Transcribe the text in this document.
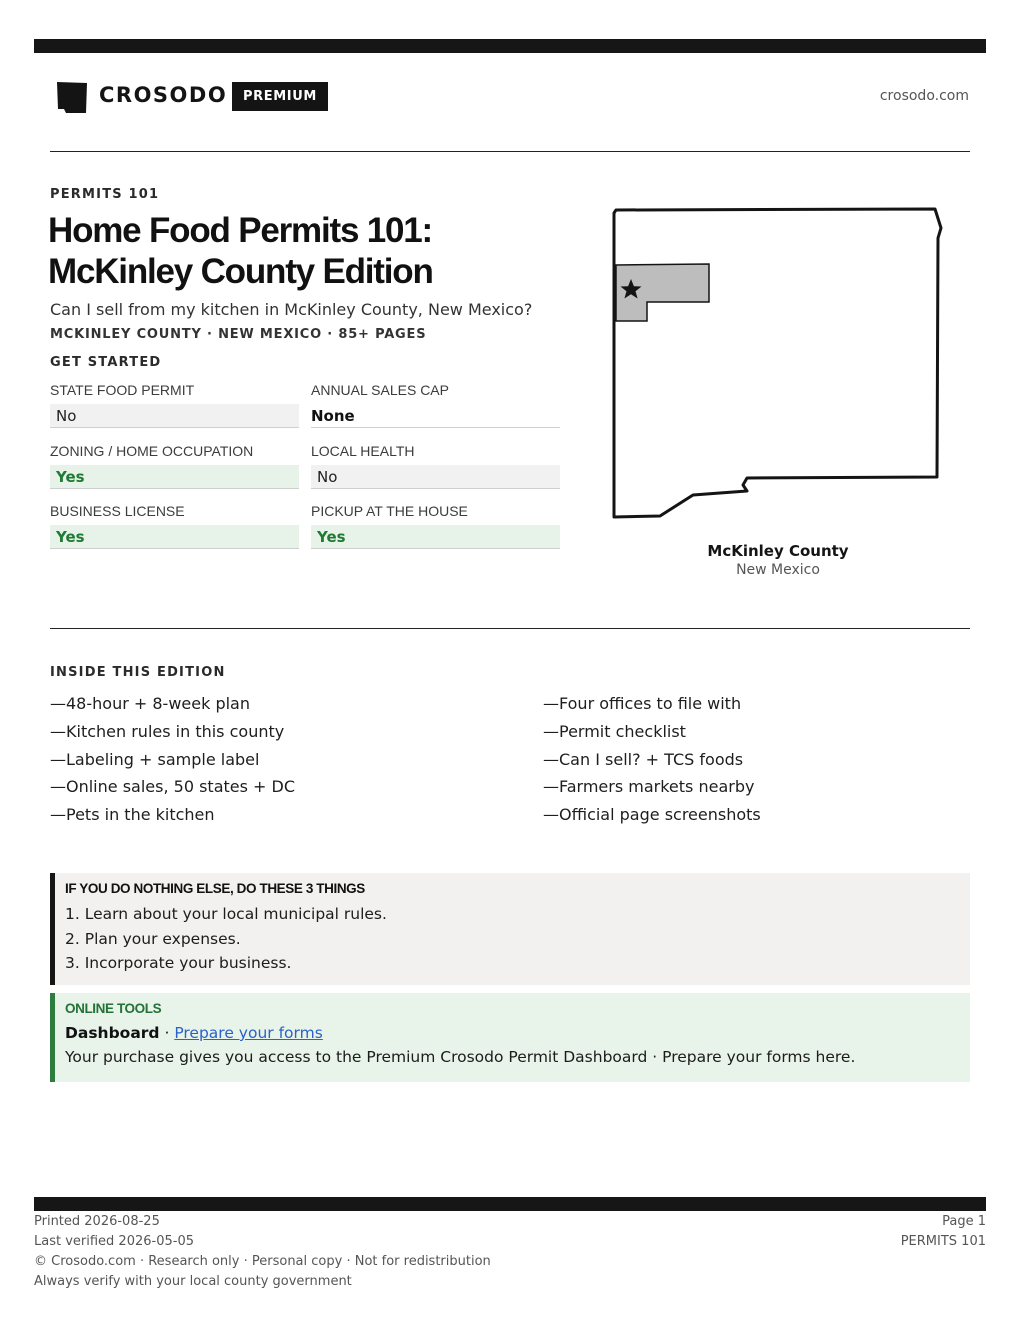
CROSODO	PREMIUM	crosodo.com
PERMITS 101
Home Food Permits 101:
McKinley County Edition
Can I sell from my kitchen in McKinley County, New Mexico?
MCKINLEY COUNTY · NEW MEXICO · 85+ PAGES
GET STARTED
STATE FOOD PERMIT
No
ANNUAL SALES CAP
None
ZONING / HOME OCCUPATION
Yes
LOCAL HEALTH
No
BUSINESS LICENSE
Yes
PICKUP AT THE HOUSE
Yes
McKinley County
New Mexico
INSIDE THIS EDITION
—48-hour + 8-week plan
—Kitchen rules in this county
—Labeling + sample label
—Online sales, 50 states + DC
—Pets in the kitchen
—Four offices to file with
—Permit checklist
—Can I sell? + TCS foods
—Farmers markets nearby
—Official page screenshots
IF YOU DO NOTHING ELSE, DO THESE 3 THINGS
1. Learn about your local municipal rules.
2. Plan your expenses.
3. Incorporate your business.
ONLINE TOOLS
Dashboard · Prepare your forms
Your purchase gives you access to the Premium Crosodo Permit Dashboard · Prepare your forms here.
Printed 2026-08-25
Last verified 2026-05-05
© Crosodo.com · Research only · Personal copy · Not for redistribution
Always verify with your local county government
Page 1
PERMITS 101
